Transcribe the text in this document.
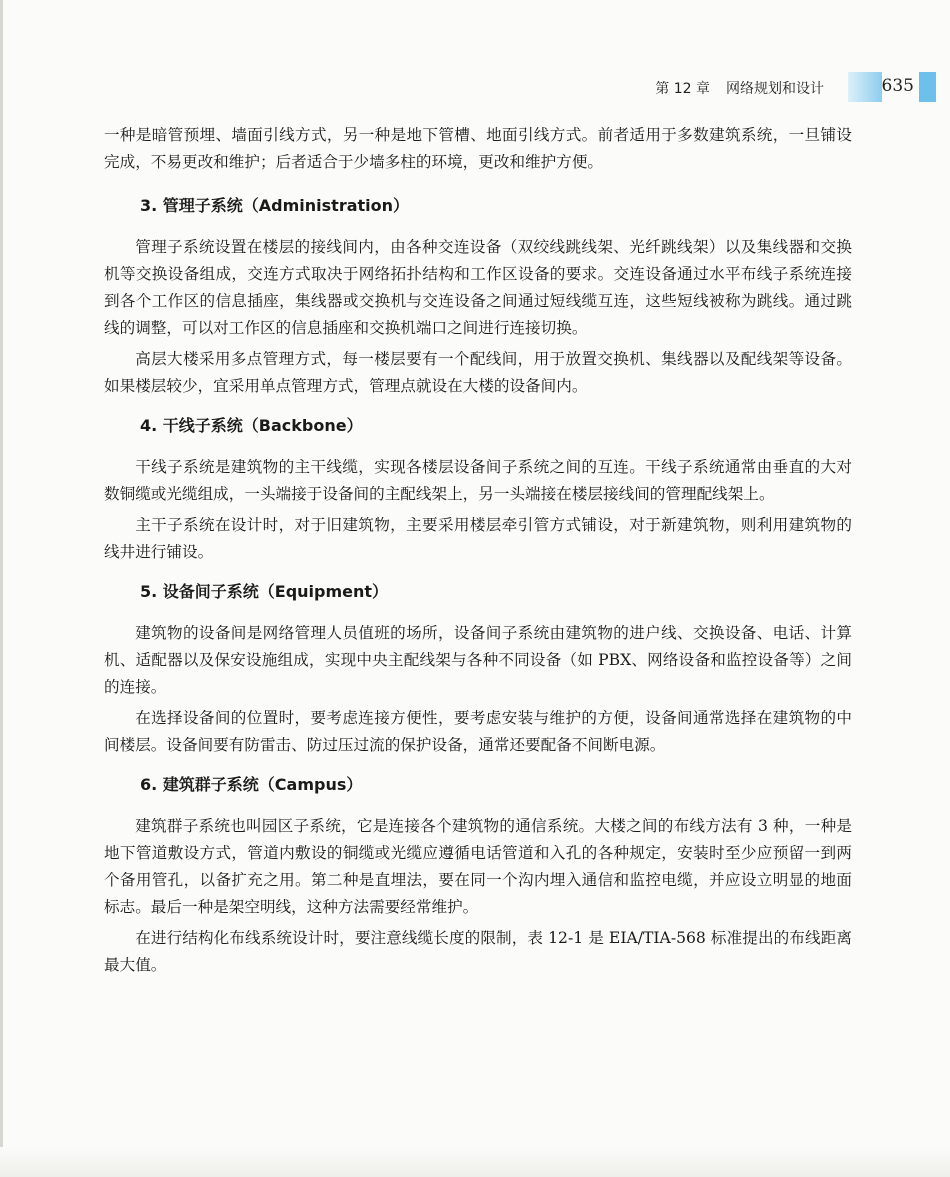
第 12 章 网络规划和设计	635

一种是暗管预埋、墙面引线方式，另一种是地下管槽、地面引线方式。前者适用于多数建筑系统，一旦铺设完成，不易更改和维护；后者适合于少墙多柱的环境，更改和维护方便。

3. 管理子系统（Administration）

管理子系统设置在楼层的接线间内，由各种交连设备（双绞线跳线架、光纤跳线架）以及集线器和交换机等交换设备组成，交连方式取决于网络拓扑结构和工作区设备的要求。交连设备通过水平布线子系统连接到各个工作区的信息插座，集线器或交换机与交连设备之间通过短线缆互连，这些短线被称为跳线。通过跳线的调整，可以对工作区的信息插座和交换机端口之间进行连接切换。

高层大楼采用多点管理方式，每一楼层要有一个配线间，用于放置交换机、集线器以及配线架等设备。如果楼层较少，宜采用单点管理方式，管理点就设在大楼的设备间内。

4. 干线子系统（Backbone）

干线子系统是建筑物的主干线缆，实现各楼层设备间子系统之间的互连。干线子系统通常由垂直的大对数铜缆或光缆组成，一头端接于设备间的主配线架上，另一头端接在楼层接线间的管理配线架上。

主干子系统在设计时，对于旧建筑物，主要采用楼层牵引管方式铺设，对于新建筑物，则利用建筑物的线井进行铺设。

5. 设备间子系统（Equipment）

建筑物的设备间是网络管理人员值班的场所，设备间子系统由建筑物的进户线、交换设备、电话、计算机、适配器以及保安设施组成，实现中央主配线架与各种不同设备（如 PBX、网络设备和监控设备等）之间的连接。

在选择设备间的位置时，要考虑连接方便性，要考虑安装与维护的方便，设备间通常选择在建筑物的中间楼层。设备间要有防雷击、防过压过流的保护设备，通常还要配备不间断电源。

6. 建筑群子系统（Campus）

建筑群子系统也叫园区子系统，它是连接各个建筑物的通信系统。大楼之间的布线方法有 3 种，一种是地下管道敷设方式，管道内敷设的铜缆或光缆应遵循电话管道和入孔的各种规定，安装时至少应预留一到两个备用管孔，以备扩充之用。第二种是直埋法，要在同一个沟内埋入通信和监控电缆，并应设立明显的地面标志。最后一种是架空明线，这种方法需要经常维护。

在进行结构化布线系统设计时，要注意线缆长度的限制，表 12-1 是 EIA/TIA-568 标准提出的布线距离最大值。
